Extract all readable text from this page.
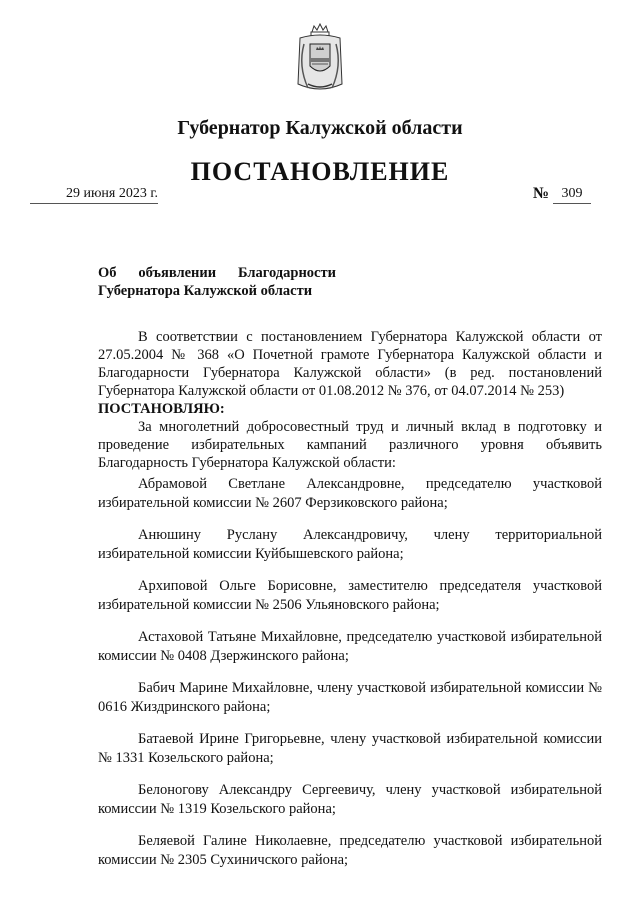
Губернатор Калужской области
ПОСТАНОВЛЕНИЕ
29 июня 2023 г.	№ 309
Об объявлении Благодарности
Губернатора Калужской области
В соответствии с постановлением Губернатора Калужской области от 27.05.2004 № 368 «О Почетной грамоте Губернатора Калужской области и Благодарности Губернатора Калужской области» (в ред. постановлений Губернатора Калужской области от 01.08.2012 № 376, от 04.07.2014 № 253)
ПОСТАНОВЛЯЮ:
За многолетний добросовестный труд и личный вклад в подготовку и проведение избирательных кампаний различного уровня объявить Благодарность Губернатора Калужской области:
Абрамовой Светлане Александровне, председателю участковой избирательной комиссии № 2607 Ферзиковского района;
Анюшину Руслану Александровичу, члену территориальной избирательной комиссии Куйбышевского района;
Архиповой Ольге Борисовне, заместителю председателя участковой избирательной комиссии № 2506 Ульяновского района;
Астаховой Татьяне Михайловне, председателю участковой избирательной комиссии № 0408 Дзержинского района;
Бабич Марине Михайловне, члену участковой избирательной комиссии № 0616 Жиздринского района;
Батаевой Ирине Григорьевне, члену участковой избирательной комиссии № 1331 Козельского района;
Белоногову Александру Сергеевичу, члену участковой избирательной комиссии № 1319 Козельского района;
Беляевой Галине Николаевне, председателю участковой избирательной комиссии № 2305 Сухиничского района;
